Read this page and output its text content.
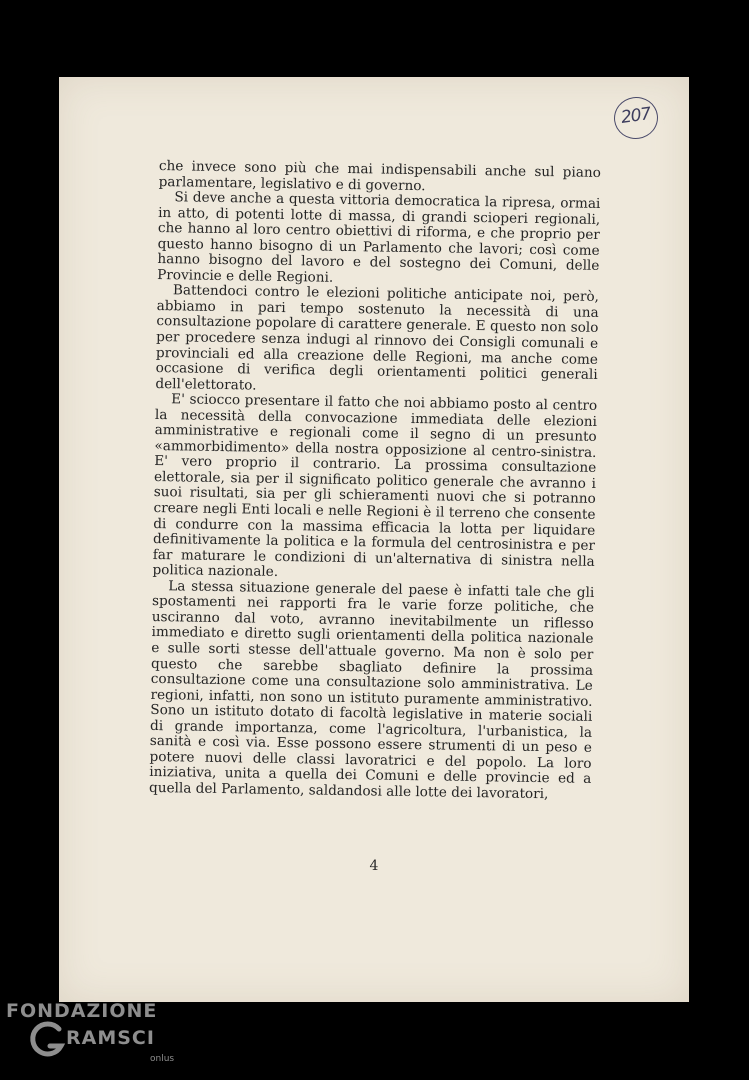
207

che invece sono più che mai indispensabili anche sul piano parlamentare, legislativo e di governo.

Si deve anche a questa vittoria democratica la ripresa, ormai in atto, di potenti lotte di massa, di grandi scioperi regionali, che hanno al loro centro obiettivi di riforma, e che proprio per questo hanno bisogno di un Parlamento che lavori; così come hanno bisogno del lavoro e del sostegno dei Comuni, delle Provincie e delle Regioni.

Battendoci contro le elezioni politiche anticipate noi, però, abbiamo in pari tempo sostenuto la necessità di una consultazione popolare di carattere generale. E questo non solo per procedere senza indugi al rinnovo dei Consigli comunali e provinciali ed alla creazione delle Regioni, ma anche come occasione di verifica degli orientamenti politici generali dell'elettorato.

E' sciocco presentare il fatto che noi abbiamo posto al centro la necessità della convocazione immediata delle elezioni amministrative e regionali come il segno di un presunto «ammorbidimento» della nostra opposizione al centro-sinistra. E' vero proprio il contrario. La prossima consultazione elettorale, sia per il significato politico generale che avranno i suoi risultati, sia per gli schieramenti nuovi che si potranno creare negli Enti locali e nelle Regioni è il terreno che consente di condurre con la massima efficacia la lotta per liquidare definitivamente la politica e la formula del centrosinistra e per far maturare le condizioni di un'alternativa di sinistra nella politica nazionale.

La stessa situazione generale del paese è infatti tale che gli spostamenti nei rapporti fra le varie forze politiche, che usciranno dal voto, avranno inevitabilmente un riflesso immediato e diretto sugli orientamenti della politica nazionale e sulle sorti stesse dell'attuale governo. Ma non è solo per questo che sarebbe sbagliato definire la prossima consultazione come una consultazione solo amministrativa. Le regioni, infatti, non sono un istituto puramente amministrativo. Sono un istituto dotato di facoltà legislative in materie sociali di grande importanza, come l'agricoltura, l'urbanistica, la sanità e così via. Esse possono essere strumenti di un peso e potere nuovi delle classi lavoratrici e del popolo. La loro iniziativa, unita a quella dei Comuni e delle provincie ed a quella del Parlamento, saldandosi alle lotte dei lavoratori,

4
FONDAZIONE
RAMSCI
onlus
